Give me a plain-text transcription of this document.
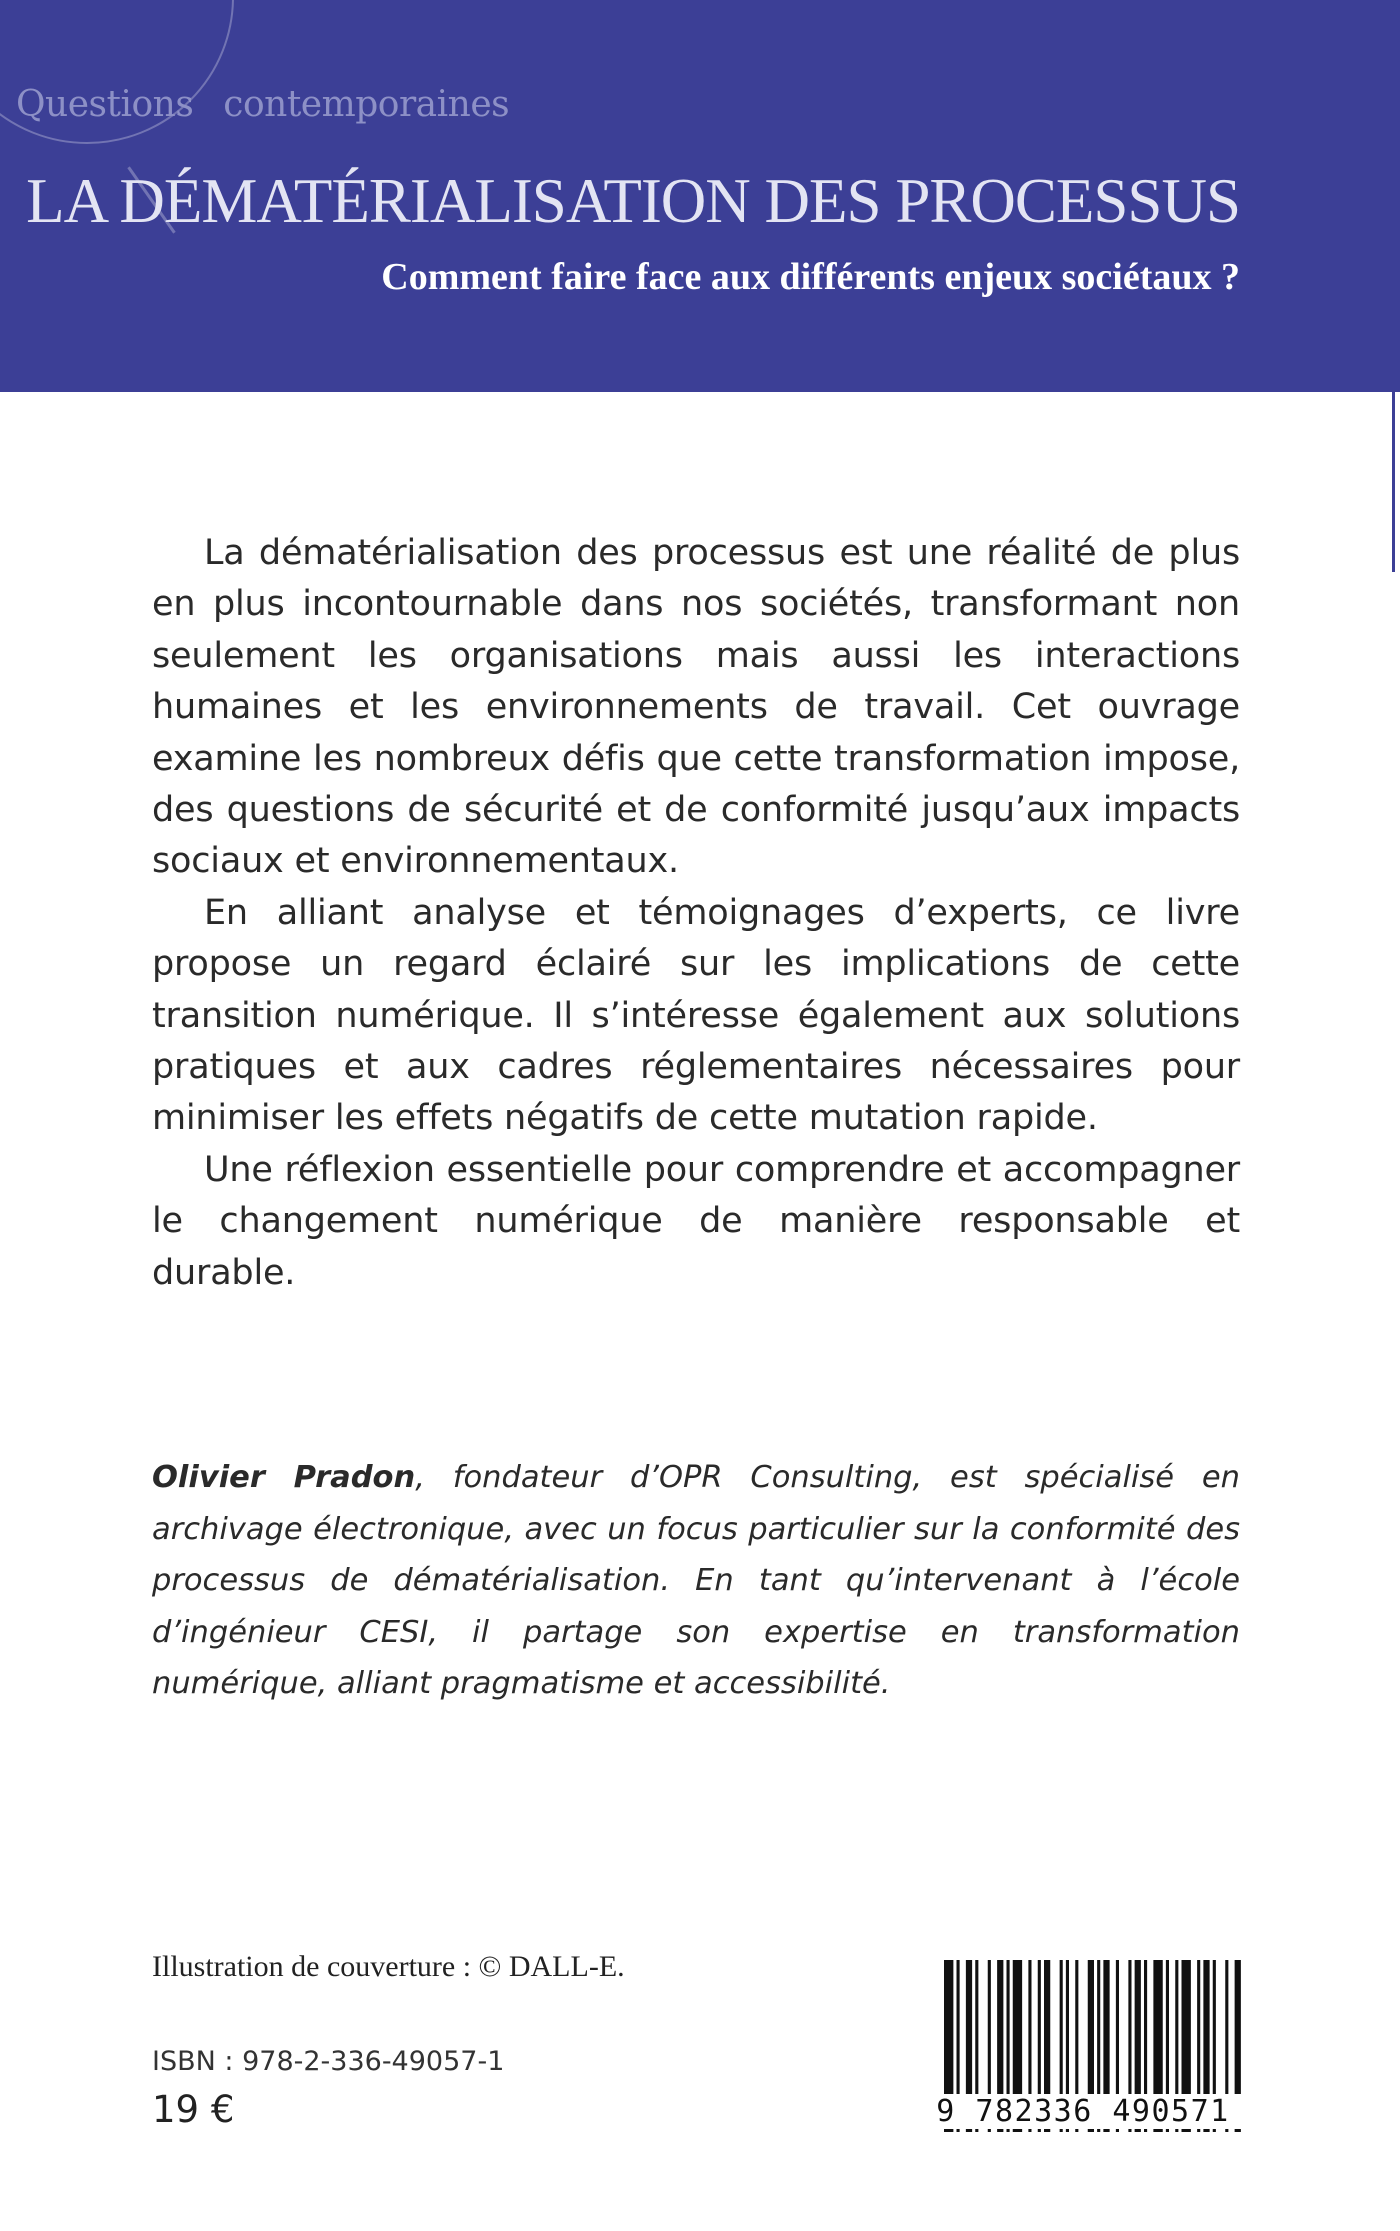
Questions contemporaines
LA DÉMATÉRIALISATION DES PROCESSUS
Comment faire face aux différents enjeux sociétaux ?

La dématérialisation des processus est une réalité de plus en plus incontournable dans nos sociétés, transformant non seulement les organisations mais aussi les interactions humaines et les environnements de travail. Cet ouvrage examine les nombreux défis que cette transformation impose, des questions de sécurité et de conformité jusqu’aux impacts sociaux et environnementaux.

En alliant analyse et témoignages d’experts, ce livre propose un regard éclairé sur les implications de cette transition numérique. Il s’intéresse également aux solutions pratiques et aux cadres réglementaires nécessaires pour minimiser les effets négatifs de cette mutation rapide.

Une réflexion essentielle pour comprendre et accompagner le changement numérique de manière responsable et durable.

Olivier Pradon, fondateur d’OPR Consulting, est spécialisé en archivage électronique, avec un focus particulier sur la conformité des processus de dématérialisation. En tant qu’intervenant à l’école d’ingénieur CESI, il partage son expertise en transformation numérique, alliant pragmatisme et accessibilité.

Illustration de couverture : © DALL-E.
ISBN : 978-2-336-49057-1
19 €	9 782336 490571
